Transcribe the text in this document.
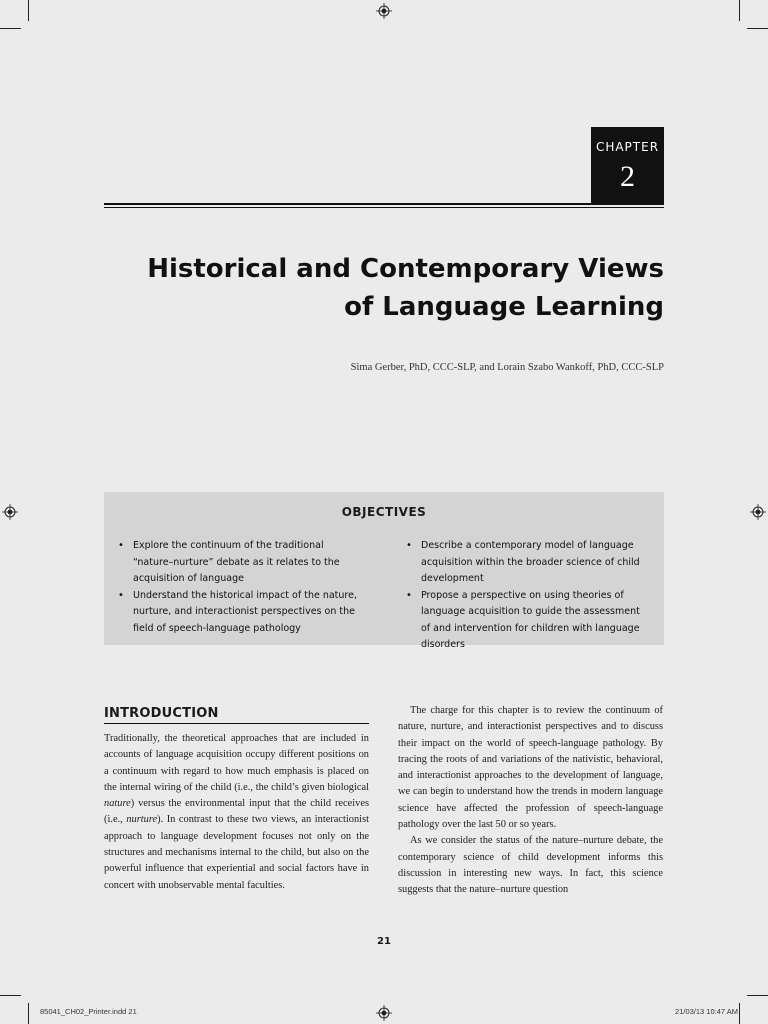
CHAPTER
2
Historical and Contemporary Views
of Language Learning
Sima Gerber, PhD, CCC-SLP, and Lorain Szabo Wankoff, PhD, CCC-SLP
OBJECTIVES
• Explore the continuum of the traditional “nature–nurture” debate as it relates to the acquisition of language
• Understand the historical impact of the nature, nurture, and interactionist perspectives on the field of speech-language pathology
• Describe a contemporary model of language acquisition within the broader science of child development
• Propose a perspective on using theories of language acquisition to guide the assessment of and intervention for children with language disorders
INTRODUCTION

Traditionally, the theoretical approaches that are included in accounts of language acquisition occupy different positions on a continuum with regard to how much emphasis is placed on the internal wiring of the child (i.e., the child’s given biological nature) versus the environmental input that the child receives (i.e., nurture). In contrast to these two views, an interactionist approach to language development focuses not only on the structures and mechanisms internal to the child, but also on the powerful influence that experiential and social factors have in concert with unobservable mental faculties.

The charge for this chapter is to review the continuum of nature, nurture, and interactionist perspectives and to discuss their impact on the world of speech-language pathology. By tracing the roots of and variations of the nativistic, behavioral, and interactionist approaches to the development of language, we can begin to understand how the trends in modern language science have affected the profession of speech-language pathology over the last 50 or so years.

As we consider the status of the nature–nurture debate, the contemporary science of child development informs this discussion in interesting new ways. In fact, this science suggests that the nature–nurture question

21
85041_CH02_Printer.indd 21	21/03/13 10:47 AM
